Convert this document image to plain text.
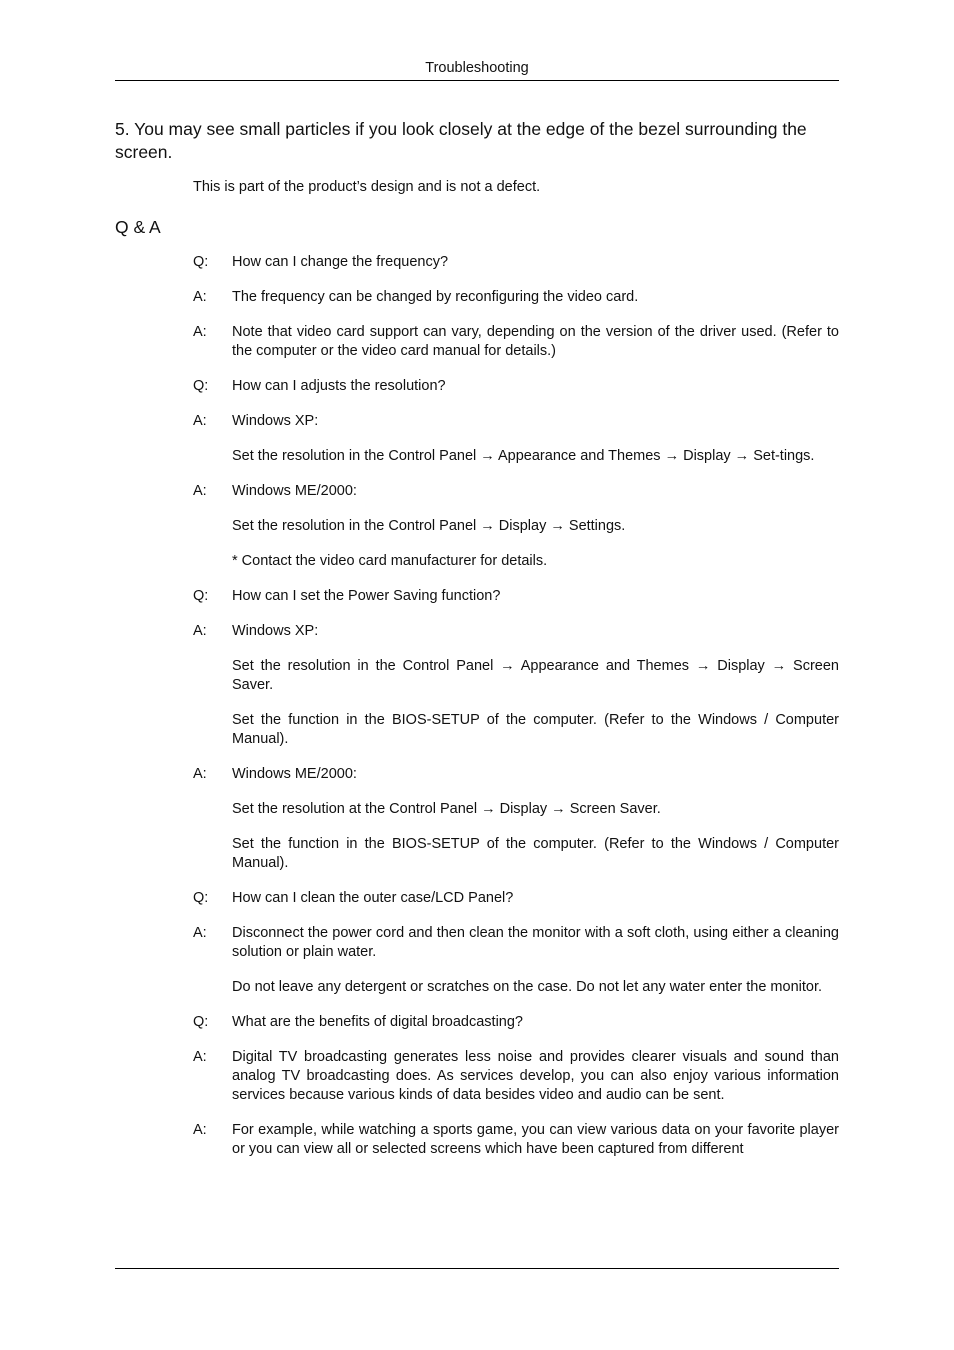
Troubleshooting
5. You may see small particles if you look closely at the edge of the bezel surrounding the screen.
This is part of the product’s design and is not a defect.
Q & A
Q:	How can I change the frequency?

A:	The frequency can be changed by reconfiguring the video card.

A:	Note that video card support can vary, depending on the version of the driver used. (Refer to the computer or the video card manual for details.)

Q:	How can I adjusts the resolution?

A:	Windows XP:

Set the resolution in the Control Panel → Appearance and Themes → Display → Set-tings.

A:	Windows ME/2000:

Set the resolution in the Control Panel → Display → Settings.

* Contact the video card manufacturer for details.

Q:	How can I set the Power Saving function?

A:	Windows XP:

Set the resolution in the Control Panel → Appearance and Themes → Display → Screen Saver.

Set the function in the BIOS-SETUP of the computer. (Refer to the Windows / Computer Manual).

A:	Windows ME/2000:

Set the resolution at the Control Panel → Display → Screen Saver.

Set the function in the BIOS-SETUP of the computer. (Refer to the Windows / Computer Manual).

Q:	How can I clean the outer case/LCD Panel?

A:	Disconnect the power cord and then clean the monitor with a soft cloth, using either a cleaning solution or plain water.

Do not leave any detergent or scratches on the case. Do not let any water enter the monitor.

Q:	What are the benefits of digital broadcasting?

A:	Digital TV broadcasting generates less noise and provides clearer visuals and sound than analog TV broadcasting does. As services develop, you can also enjoy various information services because various kinds of data besides video and audio can be sent.

A:	For example, while watching a sports game, you can view various data on your favorite player or you can view all or selected screens which have been captured from different
